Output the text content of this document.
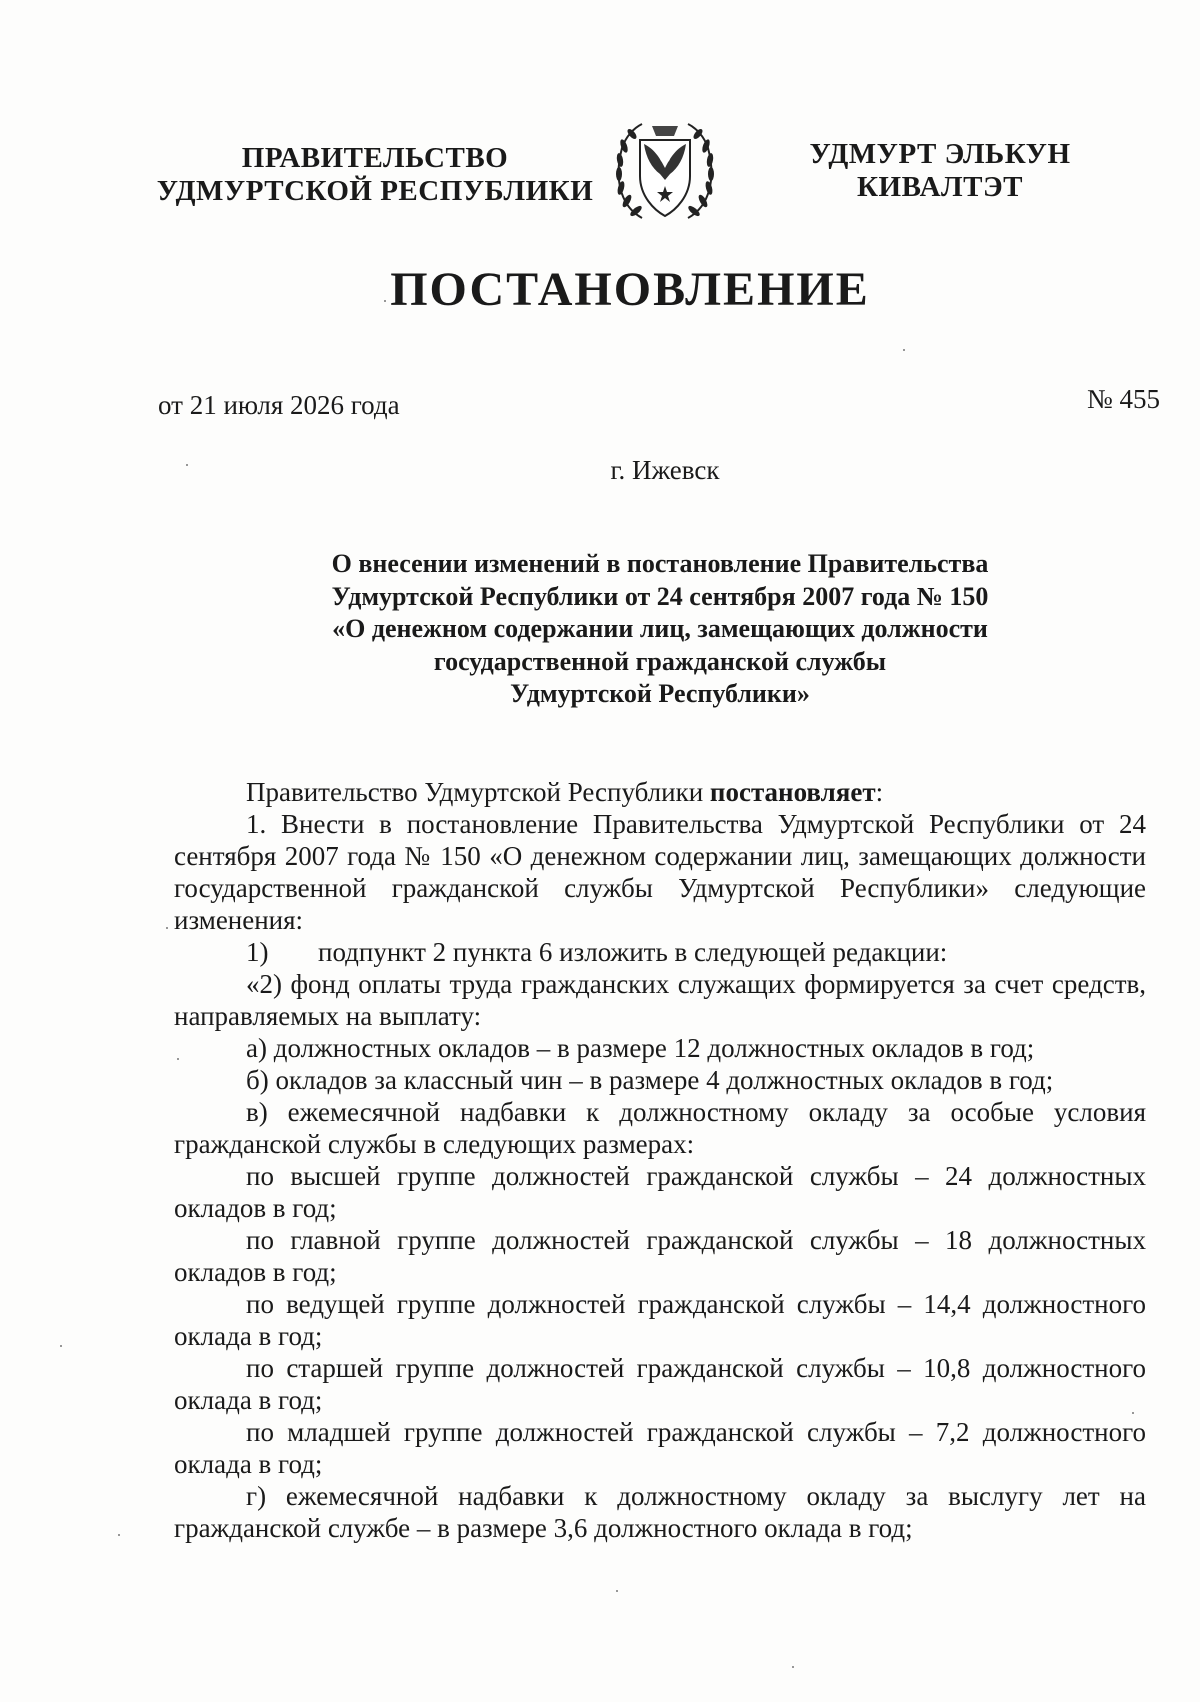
ПРАВИТЕЛЬСТВО
УДМУРТСКОЙ РЕСПУБЛИКИ
УДМУРТ ЭЛЬКУН
КИВАЛТЭТ
ПОСТАНОВЛЕНИЕ
от 21 июля 2026 года	№ 455
г. Ижевск
О внесении изменений в постановление Правительства
Удмуртской Республики от 24 сентября 2007 года № 150
«О денежном содержании лиц, замещающих должности
государственной гражданской службы
Удмуртской Республики»

Правительство Удмуртской Республики постановляет:

1. Внести в постановление Правительства Удмуртской Республики от 24 сентября 2007 года № 150 «О денежном содержании лиц, замещающих должности государственной гражданской службы Удмуртской Республики» следующие изменения:

1) подпункт 2 пункта 6 изложить в следующей редакции:

«2) фонд оплаты труда гражданских служащих формируется за счет средств, направляемых на выплату:

а) должностных окладов – в размере 12 должностных окладов в год;

б) окладов за классный чин – в размере 4 должностных окладов в год;

в) ежемесячной надбавки к должностному окладу за особые условия гражданской службы в следующих размерах:

по высшей группе должностей гражданской службы – 24 должностных окладов в год;

по главной группе должностей гражданской службы – 18 должностных окладов в год;

по ведущей группе должностей гражданской службы – 14,4 должностного оклада в год;

по старшей группе должностей гражданской службы – 10,8 должностного оклада в год;

по младшей группе должностей гражданской службы – 7,2 должностного оклада в год;

г) ежемесячной надбавки к должностному окладу за выслугу лет на гражданской службе – в размере 3,6 должностного оклада в год;
